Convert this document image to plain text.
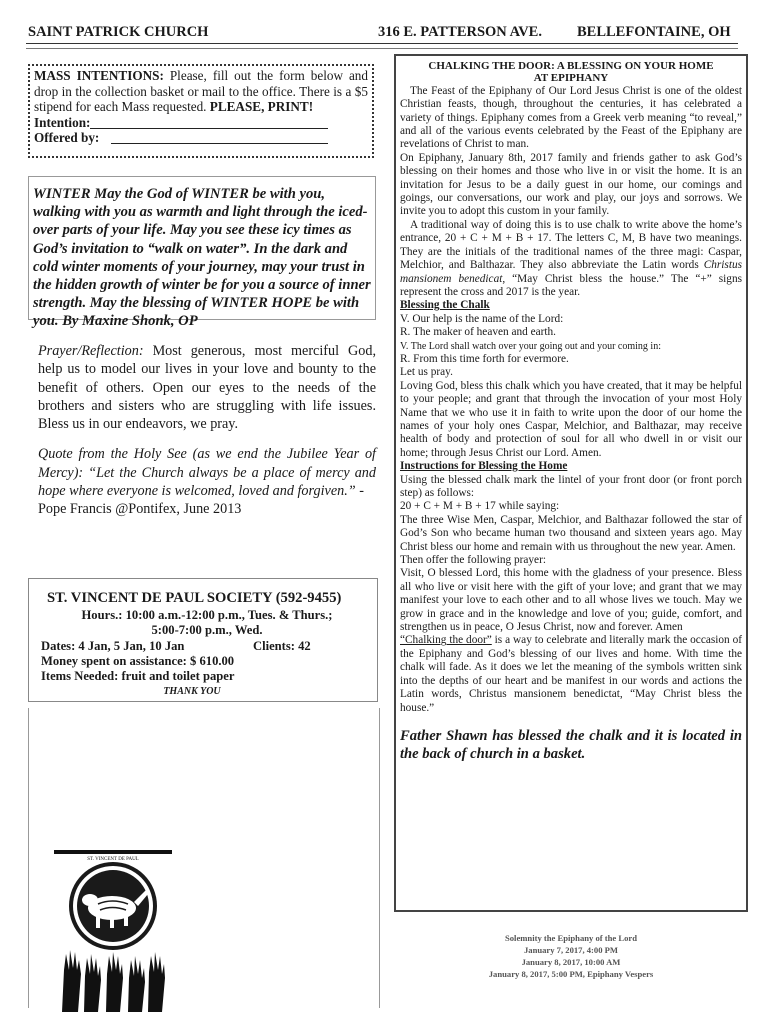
SAINT PATRICK CHURCH	316 E. PATTERSON AVE. BELLEFONTAINE, OH
MASS INTENTIONS: Please, fill out the form below and drop in the collection basket or mail to the office. There is a $5 stipend for each Mass requested. PLEASE, PRINT!
Intention:
Offered by:
WINTER May the God of WINTER be with you, walking with you as warmth and light through the iced-over parts of your life. May you see these icy times as God’s invitation to “walk on water”. In the dark and cold winter moments of your journey, may your trust in the hidden growth of winter be for you a source of inner strength. May the blessing of WINTER HOPE be with you. By Maxine Shonk, OP

Prayer/Reflection: Most generous, most merciful God, help us to model our lives in your love and bounty to the benefit of others. Open our eyes to the needs of the brothers and sisters who are struggling with life issues. Bless us in our endeavors, we pray.

Quote from the Holy See (as we end the Jubilee Year of Mercy): “Let the Church always be a place of mercy and hope where everyone is welcomed, loved and forgiven.” -
Pope Francis @Pontifex, June 2013

ST. VINCENT DE PAUL SOCIETY (592-9455)
Hours.: 10:00 a.m.-12:00 p.m., Tues. & Thurs.;
5:00-7:00 p.m., Wed.
Dates: 4 Jan, 5 Jan, 10 Jan	Clients: 42
Money spent on assistance: $ 610.00
Items Needed: fruit and toilet paper
THANK YOU
ST. VINCENT DE PAUL
CHALKING THE DOOR: A BLESSING ON YOUR HOME
AT EPIPHANY

The Feast of the Epiphany of Our Lord Jesus Christ is one of the oldest Christian feasts, though, throughout the centuries, it has celebrated a variety of things. Epiphany comes from a Greek verb meaning “to reveal,” and all of the various events celebrated by the Feast of the Epiphany are revelations of Christ to man.

On Epiphany, January 8th, 2017 family and friends gather to ask God’s blessing on their homes and those who live in or visit the home. It is an invitation for Jesus to be a daily guest in our home, our comings and goings, our conversations, our work and play, our joys and sorrows. We invite you to adopt this custom in your family.

A traditional way of doing this is to use chalk to write above the home’s entrance, 20 + C + M + B + 17. The letters C, M, B have two meanings. They are the initials of the traditional names of the three magi: Caspar, Melchior, and Balthazar. They also abbreviate the Latin words Christus mansionem benedicat, “May Christ bless the house.” The “+” signs represent the cross and 2017 is the year.

Blessing the Chalk

V. Our help is the name of the Lord:

R. The maker of heaven and earth.

V. The Lord shall watch over your going out and your coming in:

R. From this time forth for evermore.

Let us pray.

Loving God, bless this chalk which you have created, that it may be helpful to your people; and grant that through the invocation of your most Holy Name that we who use it in faith to write upon the door of our home the names of your holy ones Caspar, Melchior, and Balthazar, may receive health of body and protection of soul for all who dwell in or visit our home; through Jesus Christ our Lord. Amen.

Instructions for Blessing the Home

Using the blessed chalk mark the lintel of your front door (or front porch step) as follows:

20 + C + M + B + 17 while saying:

The three Wise Men, Caspar, Melchior, and Balthazar followed the star of God’s Son who became human two thousand and sixteen years ago. May Christ bless our home and remain with us throughout the new year. Amen.

Then offer the following prayer:

Visit, O blessed Lord, this home with the gladness of your presence. Bless all who live or visit here with the gift of your love; and grant that we may manifest your love to each other and to all whose lives we touch. May we grow in grace and in the knowledge and love of you; guide, comfort, and strengthen us in peace, O Jesus Christ, now and forever. Amen

“Chalking the door” is a way to celebrate and literally mark the occasion of the Epiphany and God’s blessing of our lives and home. With time the chalk will fade. As it does we let the meaning of the symbols written sink into the depths of our heart and be manifest in our words and actions the Latin words, Christus mansionem benedictat, “May Christ bless the house.”

Father Shawn has blessed the chalk and it is located in the back of church in a basket.

Solemnity the Epiphany of the Lord
January 7, 2017, 4:00 PM
January 8, 2017, 10:00 AM
January 8, 2017, 5:00 PM, Epiphany Vespers
